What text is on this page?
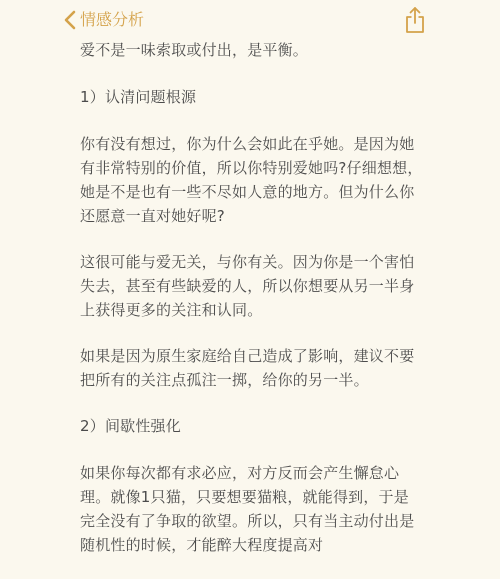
情感分析

爱不是一味索取或付出，是平衡。

1）认清问题根源

你有没有想过，你为什么会如此在乎她。是因为她有非常特别的价值，所以你特别爱她吗?仔细想想，她是不是也有一些不尽如人意的地方。但为什么你还愿意一直对她好呢?

这很可能与爱无关，与你有关。因为你是一个害怕失去，甚至有些缺爱的人，所以你想要从另一半身上获得更多的关注和认同。

如果是因为原生家庭给自己造成了影响，建议不要把所有的关注点孤注一掷，给你的另一半。

2）间歇性强化

如果你每次都有求必应，对方反而会产生懈怠心理。就像1只猫，只要想要猫粮，就能得到，于是完全没有了争取的欲望。所以，只有当主动付出是随机性的时候，才能醉大程度提高对
